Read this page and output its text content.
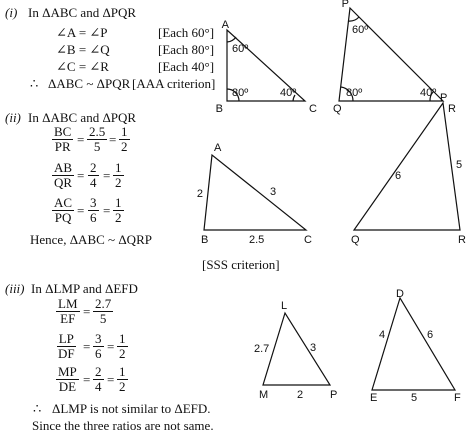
(i) In ΔABC and ΔPQR
∠A = ∠P	[Each 60°]
∠B = ∠Q	[Each 80°]
∠C = ∠R	[Each 40°]
∴ ΔABC ~ ΔPQR [AAA criterion]
(ii) In ΔABC and ΔPQR
$\frac{BC}{PR} = \frac{2.5}{5} = \frac{1}{2}$
$\frac{AB}{QR} = \frac{2}{4} = \frac{1}{2}$
$\frac{AC}{PQ} = \frac{3}{6} = \frac{1}{2}$
Hence, ΔABC ~ ΔQRP
[SSS criterion]
(iii) In ΔLMP and ΔEFD
$\frac{LM}{EF} = \frac{2.7}{5}$
$\frac{LP}{DF} = \frac{3}{6} = \frac{1}{2}$
$\frac{MP}{DE} = \frac{2}{4} = \frac{1}{2}$
∴ ΔLMP is not similar to ΔEFD.
Since the three ratios are not same.
A
B	C
60º
80º	40º
P
Q	R
60º
80º	40º
A
B	C
2
2.5
3
P
Q	R
6
5
L
M	P
2.7	3
2
D
E	F
4	6
5
